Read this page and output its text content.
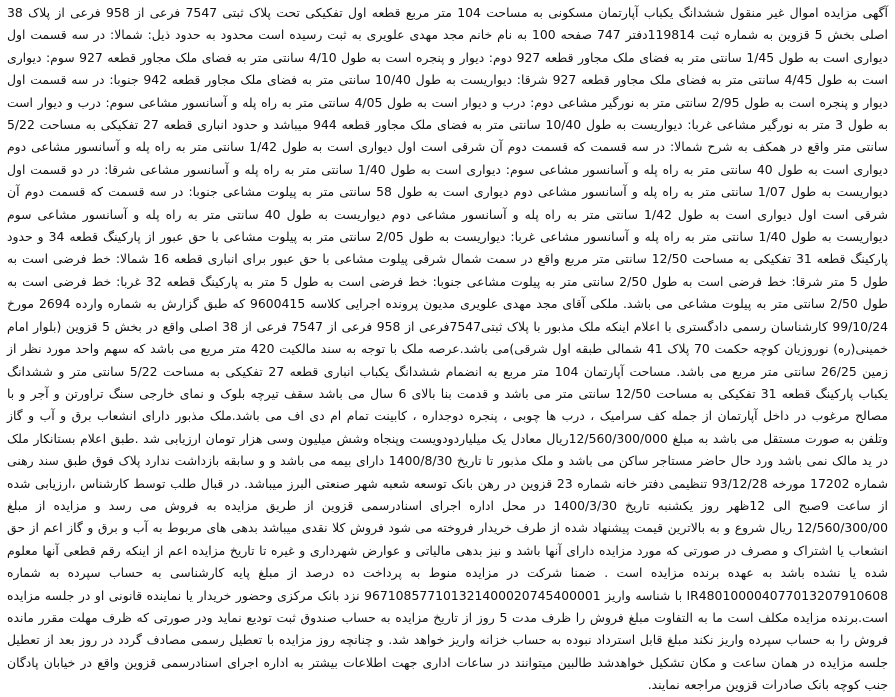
آگهی مزایده اموال غیر منقول ششدانگ یکباب آپارتمان مسکونی به مساحت 104 متر مربع قطعه اول تفکیکی تحت پلاک ثبتی 7547 فرعی از 958 فرعی از پلاک 38 اصلی بخش 5 قزوین به شماره ثبت 119814دفتر 747 صفحه 100 به نام خانم مجد مهدی علویری به ثبت رسیده است محدود به حدود ذیل: شمالا: در سه قسمت اول دیواری است به طول 1/45 سانتی متر به فضای ملک مجاور قطعه 927 دوم: دیوار و پنجره است به طول 4/10 سانتی متر به فضای ملک مجاور قطعه 927 سوم: دیواری است به طول 4/45 سانتی متر به فضای ملک مجاور قطعه 927 شرقا: دیواریست به طول 10/40 سانتی متر به فضای ملک مجاور قطعه 942 جنوبا: در سه قسمت اول دیوار و پنجره است به طول 2/95 سانتی متر به نورگیر مشاعی دوم: درب و دیوار است به طول 4/05 سانتی متر به راه پله و آسانسور مشاعی سوم: درب و دیوار است به طول 3 متر به نورگیر مشاعی غربا: دیواریست به طول 10/40 سانتی متر به فضای ملک مجاور قطعه 944 میباشد و حدود انباری قطعه 27 تفکیکی به مساحت 5/22 سانتی متر واقع در همکف به شرح شمالا: در سه قسمت که قسمت دوم آن شرقی است اول دیواری است به طول 1/42 سانتی متر به راه پله و آسانسور مشاعی دوم دیواری است به طول 40 سانتی متر به راه پله و آسانسور مشاعی سوم: دیواری است به طول 1/40 سانتی متر به راه پله و آسانسور مشاعی شرقا: در دو قسمت اول دیواریست به طول 1/07 سانتی متر به راه پله و آسانسور مشاعی دوم دیواری است به طول 58 سانتی متر به پیلوت مشاعی جنوبا: در سه قسمت که قسمت دوم آن شرقی است اول دیواری است به طول 1/42 سانتی متر به راه پله و آسانسور مشاعی دوم دیواریست به طول 40 سانتی متر به راه پله و آسانسور مشاعی سوم دیواریست به طول 1/40 سانتی متر به راه پله و آسانسور مشاعی غربا: دیواریست به طول 2/05 سانتی متر به پیلوت مشاعی با حق عبور از پارکینگ قطعه 34 و حدود پارکینگ قطعه 31 تفکیکی به مساحت 12/50 سانتی متر مربع واقع در سمت شمال شرقی پیلوت مشاعی با حق عبور برای انباری قطعه 16 شمالا: خط فرضی است به طول 5 متر شرقا: خط فرضی است به طول 2/50 سانتی متر به پیلوت مشاعی جنوبا: خط فرضی است به طول 5 متر به پارکینگ قطعه 32 غربا: خط فرضی است به طول 2/50 سانتی متر به پیلوت مشاعی می باشد. ملکی آقای مجد مهدی علویری مدیون پرونده اجرایی کلاسه 9600415 که طبق گزارش به شماره وارده 2694 مورخ 99/10/24 کارشناسان رسمی دادگستری با اعلام اینکه ملک مذبور با پلاک ثبتی7547فرعی از 958 فرعی از 7547 فرعی از 38 اصلی واقع در بخش 5 قزوین (بلوار امام خمینی(ره) نوروزیان کوچه حکمت 70 پلاک 41 شمالی طبقه اول شرقی)می باشد.عرصه ملک با توجه به سند مالکیت 420 متر مربع می باشد که سهم واحد مورد نظر از زمین 26/25 سانتی متر مربع می باشد. مساحت آپارتمان 104 متر مربع به انضمام ششدانگ یکباب انباری قطعه 27 تفکیکی به مساحت 5/22 سانتی متر و ششدانگ یکباب پارکینگ قطعه 31 تفکیکی به مساحت 12/50 سانتی متر می باشد و قدمت بنا بالای 6 سال می باشد سقف تیرچه بلوک و نمای خارجی سنگ تراورتن و آجر و با مصالح مرغوب در داخل آپارتمان از جمله کف سرامیک ، درب ها چوبی ، پنجره دوجداره ، کابینت تمام ام دی اف می باشد.ملک مذبور دارای انشعاب برق و آب و گاز وتلفن به صورت مستقل می باشد به مبلغ 12/560/300/000ریال معادل یک میلیاردودویست وپنجاه وشش میلیون وسی هزار تومان ارزیابی شد .طبق اعلام بستانکار ملک در ید مالک نمی باشد ورد حال حاضر مستاجر ساکن می باشد و ملک مذبور تا تاریخ 1400/8/30 دارای بیمه می باشد و و سابقه بازداشت ندارد پلاک فوق طبق سند رهنی شماره 17202 مورخه 93/12/28 تنظیمی دفتر خانه شماره 23 قزوین در رهن بانک توسعه شعبه شهر صنعتی البرز میباشد. در قبال طلب توسط کارشناس ،ارزیابی شده از ساعت 9صبح الی 12ظهر روز یکشنبه تاریخ 1400/3/30 در محل اداره اجرای اسنادرسمی قزوین از طریق مزایده به فروش می رسد و مزایده از مبلغ 12/560/300/00 ریال شروع و به بالاترین قیمت پیشنهاد شده از طرف خریدار فروخته می شود فروش کلا نقدی میباشد بدهی های مربوط به آب و برق و گاز اعم از حق انشعاب یا اشتراک و مصرف در صورتی که مورد مزایده دارای آنها باشد و نیز بدهی مالیاتی و عوارض شهرداری و غیره تا تاریخ مزایده اعم از اینکه رقم قطعی آنها معلوم شده یا نشده باشد به عهده برنده مزایده است . ضمنا شرکت در مزایده منوط به پرداخت ده درصد از مبلغ پایه کارشناسی به حساب سپرده به شماره IR480100004077013207910608 با شناسه واریز 967108577101321400020745400001 نزد بانک مرکزی وحضور خریدار یا نماینده قانونی او در جلسه مزایده است.برنده مزایده مکلف است ما به التفاوت مبلغ فروش را ظرف مدت 5 روز از تاریخ مزایده به حساب صندوق ثبت تودیع نماید ودر صورتی که ظرف مهلت مقرر مانده فروش را به حساب سپرده واریز نکند مبلغ قابل استرداد نبوده به حساب خزانه واریز خواهد شد. و چنانچه روز مزایده با تعطیل رسمی مصادف گردد در روز بعد از تعطیل جلسه مزایده در همان ساعت و مکان تشکیل خواهدشد طالبین میتوانند در ساعات اداری جهت اطلاعات بیشتر به اداره اجرای اسنادرسمی قزوین واقع در خیابان پادگان جنب کوچه بانک صادرات قزوین مراجعه نمایند.
